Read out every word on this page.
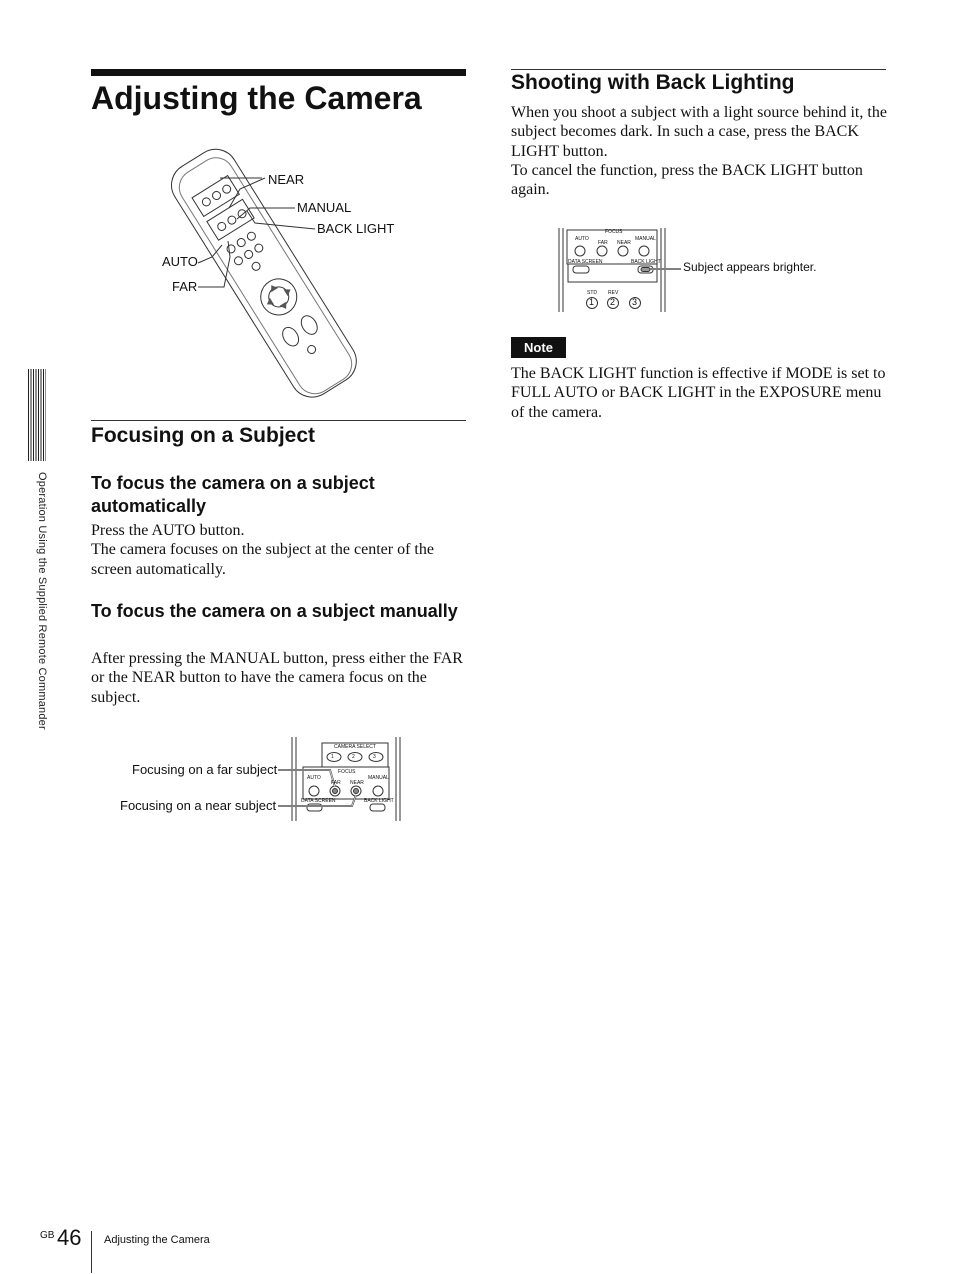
Adjusting the Camera
Operation Using the Supplied Remote Commander
NEAR
MANUAL
BACK LIGHT
AUTO
FAR
Focusing on a Subject
To focus the camera on a subject automatically

Press the AUTO button.

The camera focuses on the subject at the center of the screen automatically.

To focus the camera on a subject manually

After pressing the MANUAL button, press either the FAR or the NEAR button to have the camera focus on the subject.

CAMERA SELECT
1	2	3
FOCUS
AUTO	MANUAL
FAR NEAR
DATA SCREEN	BACK LIGHT
Focusing on a far subject
Focusing on a near subject
Shooting with Back Lighting

When you shoot a subject with a light source behind it, the subject becomes dark. In such a case, press the BACK LIGHT button.

To cancel the function, press the BACK LIGHT button again.

FOCUS
AUTO
FAR NEAR
MANUAL
DATA SCREEN	BACK LIGHT
STD REV
1 2 3
Subject appears brighter.
Note

The BACK LIGHT function is effective if MODE is set to FULL AUTO or BACK LIGHT in the EXPOSURE menu of the camera.

GB 46 Adjusting the Camera
